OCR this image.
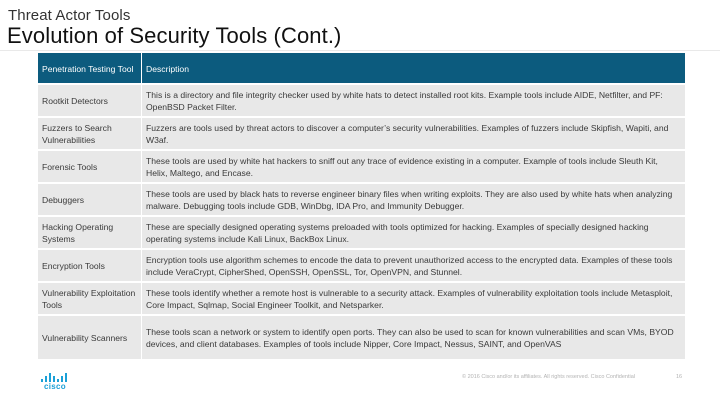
Threat Actor Tools
Evolution of Security Tools (Cont.)
Penetration Testing Tool	Description
Rootkit Detectors	This is a directory and file integrity checker used by white hats to detect installed root kits. Example tools include AIDE, Netfilter, and PF: OpenBSD Packet Filter.
Fuzzers to Search Vulnerabilities	Fuzzers are tools used by threat actors to discover a computer’s security vulnerabilities. Examples of fuzzers include Skipfish, Wapiti, and W3af.
Forensic Tools	These tools are used by white hat hackers to sniff out any trace of evidence existing in a computer. Example of tools include Sleuth Kit, Helix, Maltego, and Encase.
Debuggers	These tools are used by black hats to reverse engineer binary files when writing exploits. They are also used by white hats when analyzing malware. Debugging tools include GDB, WinDbg, IDA Pro, and Immunity Debugger.
Hacking Operating Systems	These are specially designed operating systems preloaded with tools optimized for hacking. Examples of specially designed hacking operating systems include Kali Linux, BackBox Linux.
Encryption Tools	Encryption tools use algorithm schemes to encode the data to prevent unauthorized access to the encrypted data. Examples of these tools include VeraCrypt, CipherShed, OpenSSH, OpenSSL, Tor, OpenVPN, and Stunnel.
Vulnerability Exploitation Tools	These tools identify whether a remote host is vulnerable to a security attack. Examples of vulnerability exploitation tools include Metasploit, Core Impact, Sqlmap, Social Engineer Toolkit, and Netsparker.
Vulnerability Scanners	These tools scan a network or system to identify open ports. They can also be used to scan for known vulnerabilities and scan VMs, BYOD devices, and client databases. Examples of tools include Nipper, Core Impact, Nessus, SAINT, and OpenVAS
cisco
© 2016 Cisco and/or its affiliates. All rights reserved. Cisco Confidential	16
